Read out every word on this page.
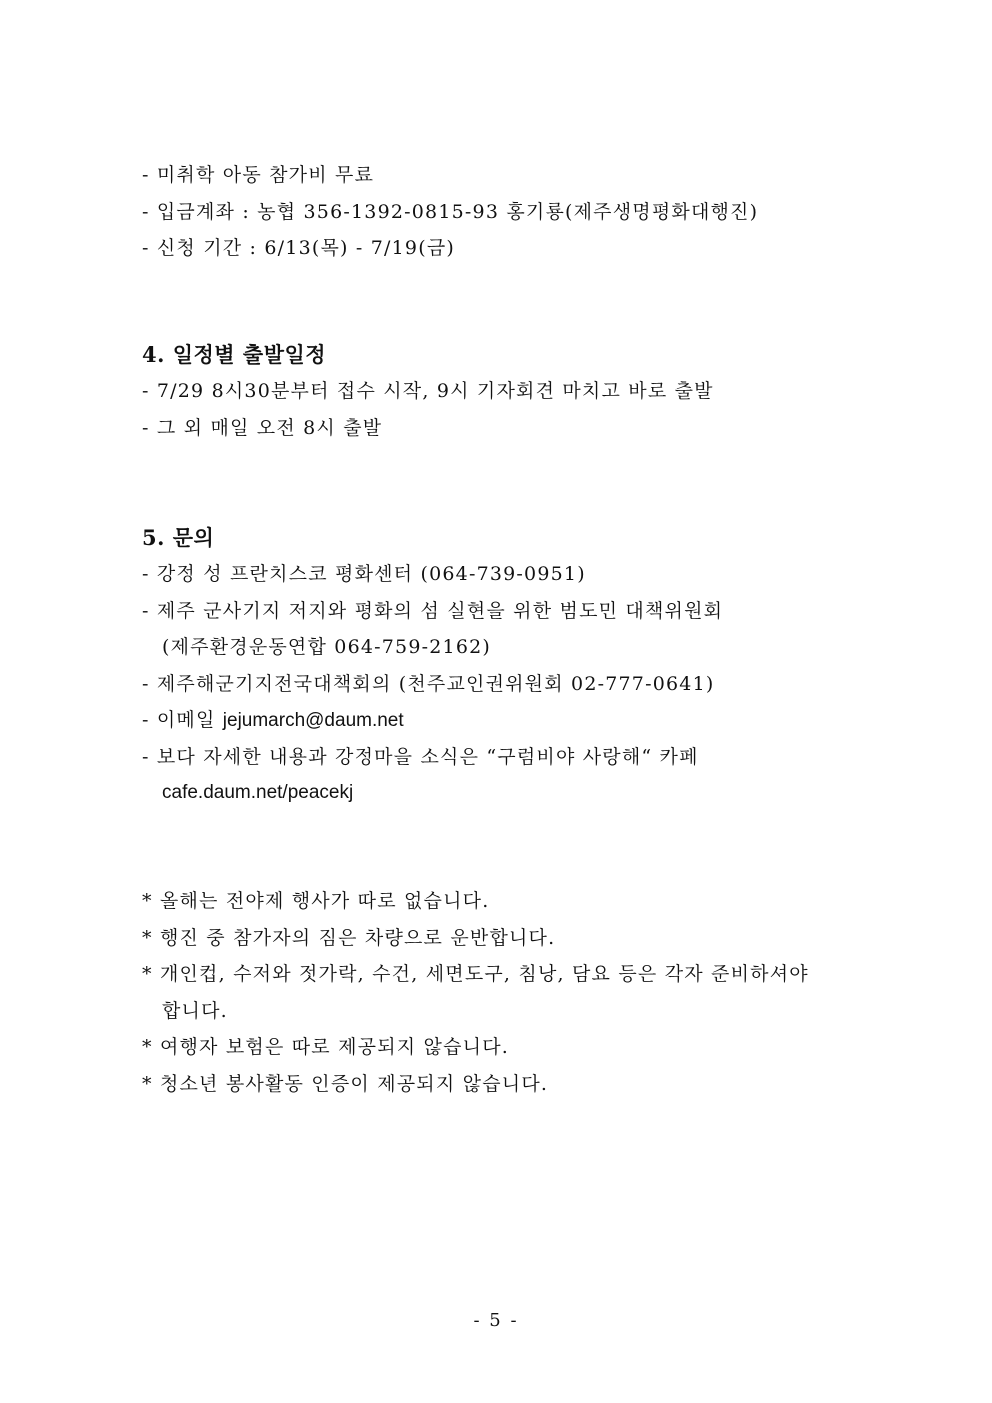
- 미취학 아동 참가비 무료
- 입금계좌 : 농협 356-1392-0815-93 홍기룡(제주생명평화대행진)
- 신청 기간 : 6/13(목) - 7/19(금)
4. 일정별 출발일정
- 7/29 8시30분부터 접수 시작, 9시 기자회견 마치고 바로 출발
- 그 외 매일 오전 8시 출발
5. 문의
- 강정 성 프란치스코 평화센터 (064-739-0951)
- 제주 군사기지 저지와 평화의 섬 실현을 위한 범도민 대책위원회
(제주환경운동연합 064-759-2162)
- 제주해군기지전국대책회의 (천주교인권위원회 02-777-0641)
- 이메일 jejumarch@daum.net
- 보다 자세한 내용과 강정마을 소식은 “구럼비야 사랑해“ 카페
cafe.daum.net/peacekj
* 올해는 전야제 행사가 따로 없습니다.
* 행진 중 참가자의 짐은 차량으로 운반합니다.
* 개인컵, 수저와 젓가락, 수건, 세면도구, 침낭, 담요 등은 각자 준비하셔야
합니다.
* 여행자 보험은 따로 제공되지 않습니다.
* 청소년 봉사활동 인증이 제공되지 않습니다.
- 5 -
